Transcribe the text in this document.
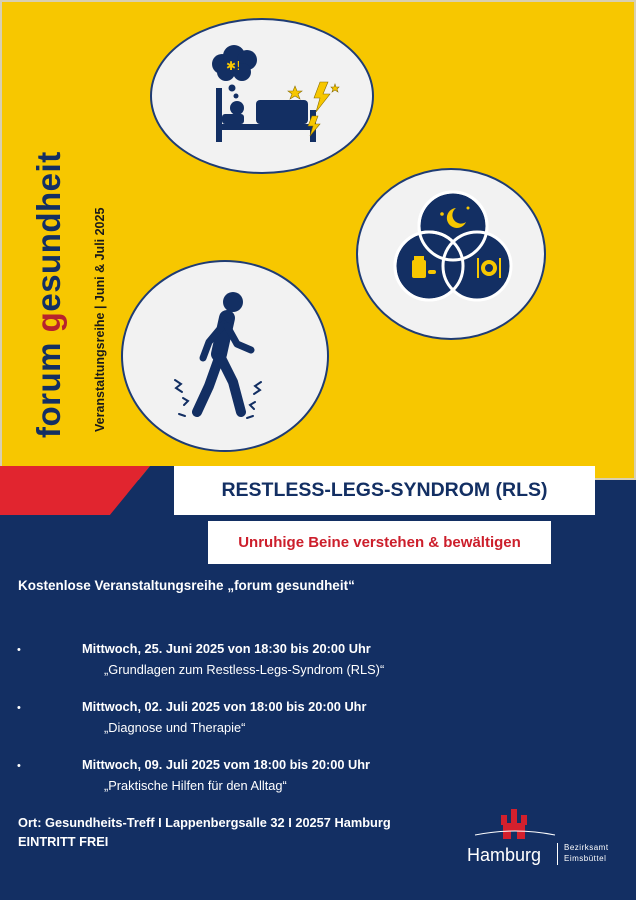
forum gesundheit Veranstaltungsreihe | Juni & Juli 2025
✱!
RESTLESS-LEGS-SYNDROM (RLS)
Unruhige Beine verstehen & bewältigen
Kostenlose Veranstaltungsreihe „forum gesundheit“
•	Mittwoch, 25. Juni 2025 von 18:30 bis 20:00 Uhr
„Grundlagen zum Restless-Legs-Syndrom (RLS)“
•	Mittwoch, 02. Juli 2025 von 18:00 bis 20:00 Uhr
„Diagnose und Therapie“
•	Mittwoch, 09. Juli 2025 vom 18:00 bis 20:00 Uhr
„Praktische Hilfen für den Alltag“
Ort: Gesundheits-Treff I Lappenbergsalle 32 I 20257 Hamburg
EINTRITT FREI
Hamburg	Bezirksamt
Eimsbüttel
